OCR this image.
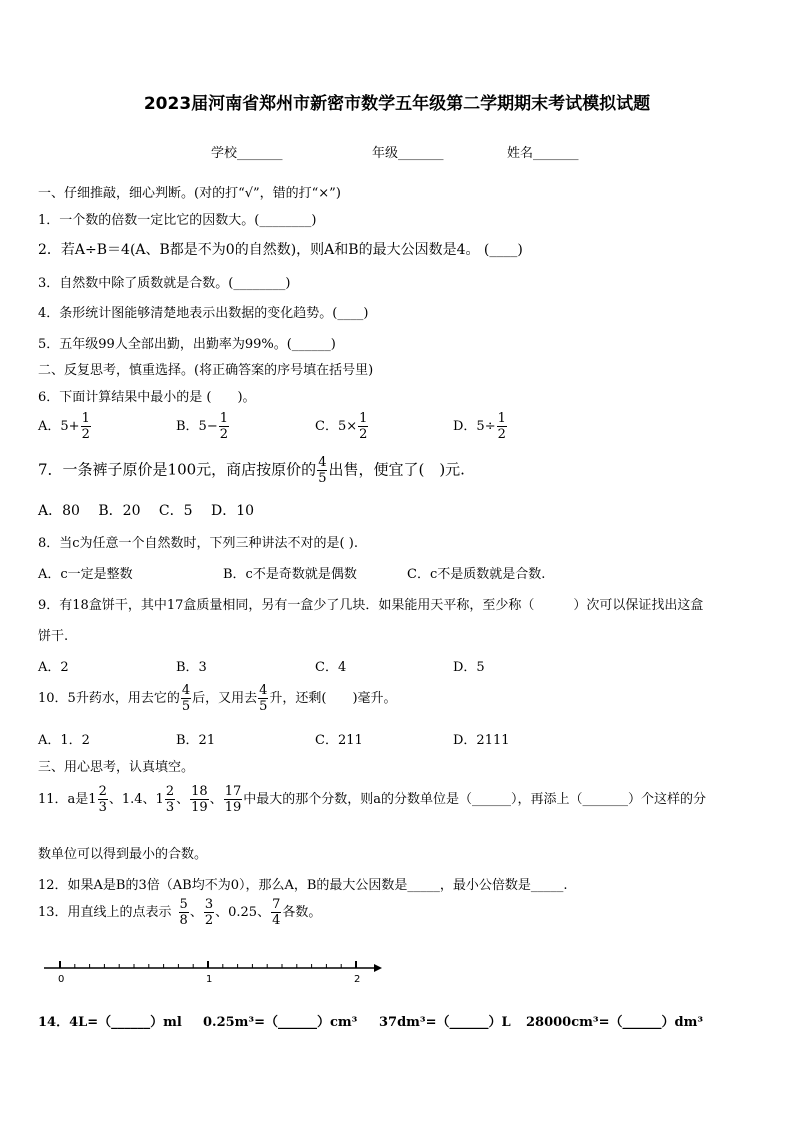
2023届河南省郑州市新密市数学五年级第二学期期末考试模拟试题
学校_______	年级_______	姓名_______
一、仔细推敲，细心判断。(对的打“√”，错的打“×”)
1．一个数的倍数一定比它的因数大。(________)
2．若A÷B＝4(A、B都是不为0的自然数)，则A和B的最大公因数是4。 (____)
3．自然数中除了质数就是合数。(________)
4．条形统计图能够清楚地表示出数据的变化趋势。(____)
5．五年级99人全部出勤，出勤率为99%。(______)
二、反复思考，慎重选择。(将正确答案的序号填在括号里)
6．下面计算结果中最小的是 (　　)。
A．$5+ \frac{1}{2}$	B．$5- \frac{1}{2}$	C．$5\times \frac{1}{2}$	D．$5\div \frac{1}{2}$
7．一条裤子原价是100元，商店按原价的 $\frac{4}{5}$ 出售，便宜了(　)元.
A．80　 B．20　 C．5　 D．10
8．当c为任意一个自然数时，下列三种讲法不对的是( ).
A．c一定是整数	B．c不是奇数就是偶数	C．c不是质数就是合数.
9．有18盒饼干，其中17盒质量相同，另有一盒少了几块．如果能用天平称，至少称（　　　）次可以保证找出这盒
饼干.
A．2	B．3	C．4	D．5
10．5升药水，用去它的 $\frac{4}{5}$ 后，又用去 $\frac{4}{5}$ 升，还剩(　　)毫升。
A．1．2	B．21	C．211	D．2111
三、用心思考，认真填空。
11．a是 $1 \frac{2}{3}$ 、1.4、 $1 \frac{2}{3}$ 、 $\frac{18}{19}$ 、 $\frac{17}{19}$ 中最大的那个分数，则a的分数单位是（______），再添上（_______）个这样的分
数单位可以得到最小的合数。
12．如果A是B的3倍（AB均不为0），那么A，B的最大公因数是_____，最小公倍数是_____.
13．用直线上的点表示 $\frac{5}{8}$ 、 $\frac{3}{2}$ 、0.25、 $\frac{7}{4}$ 各数。
0	1	2
14．4L=（______）ml 0.25m³=（______）cm³ 37dm³=（______）L 28000cm³=（______）dm³
